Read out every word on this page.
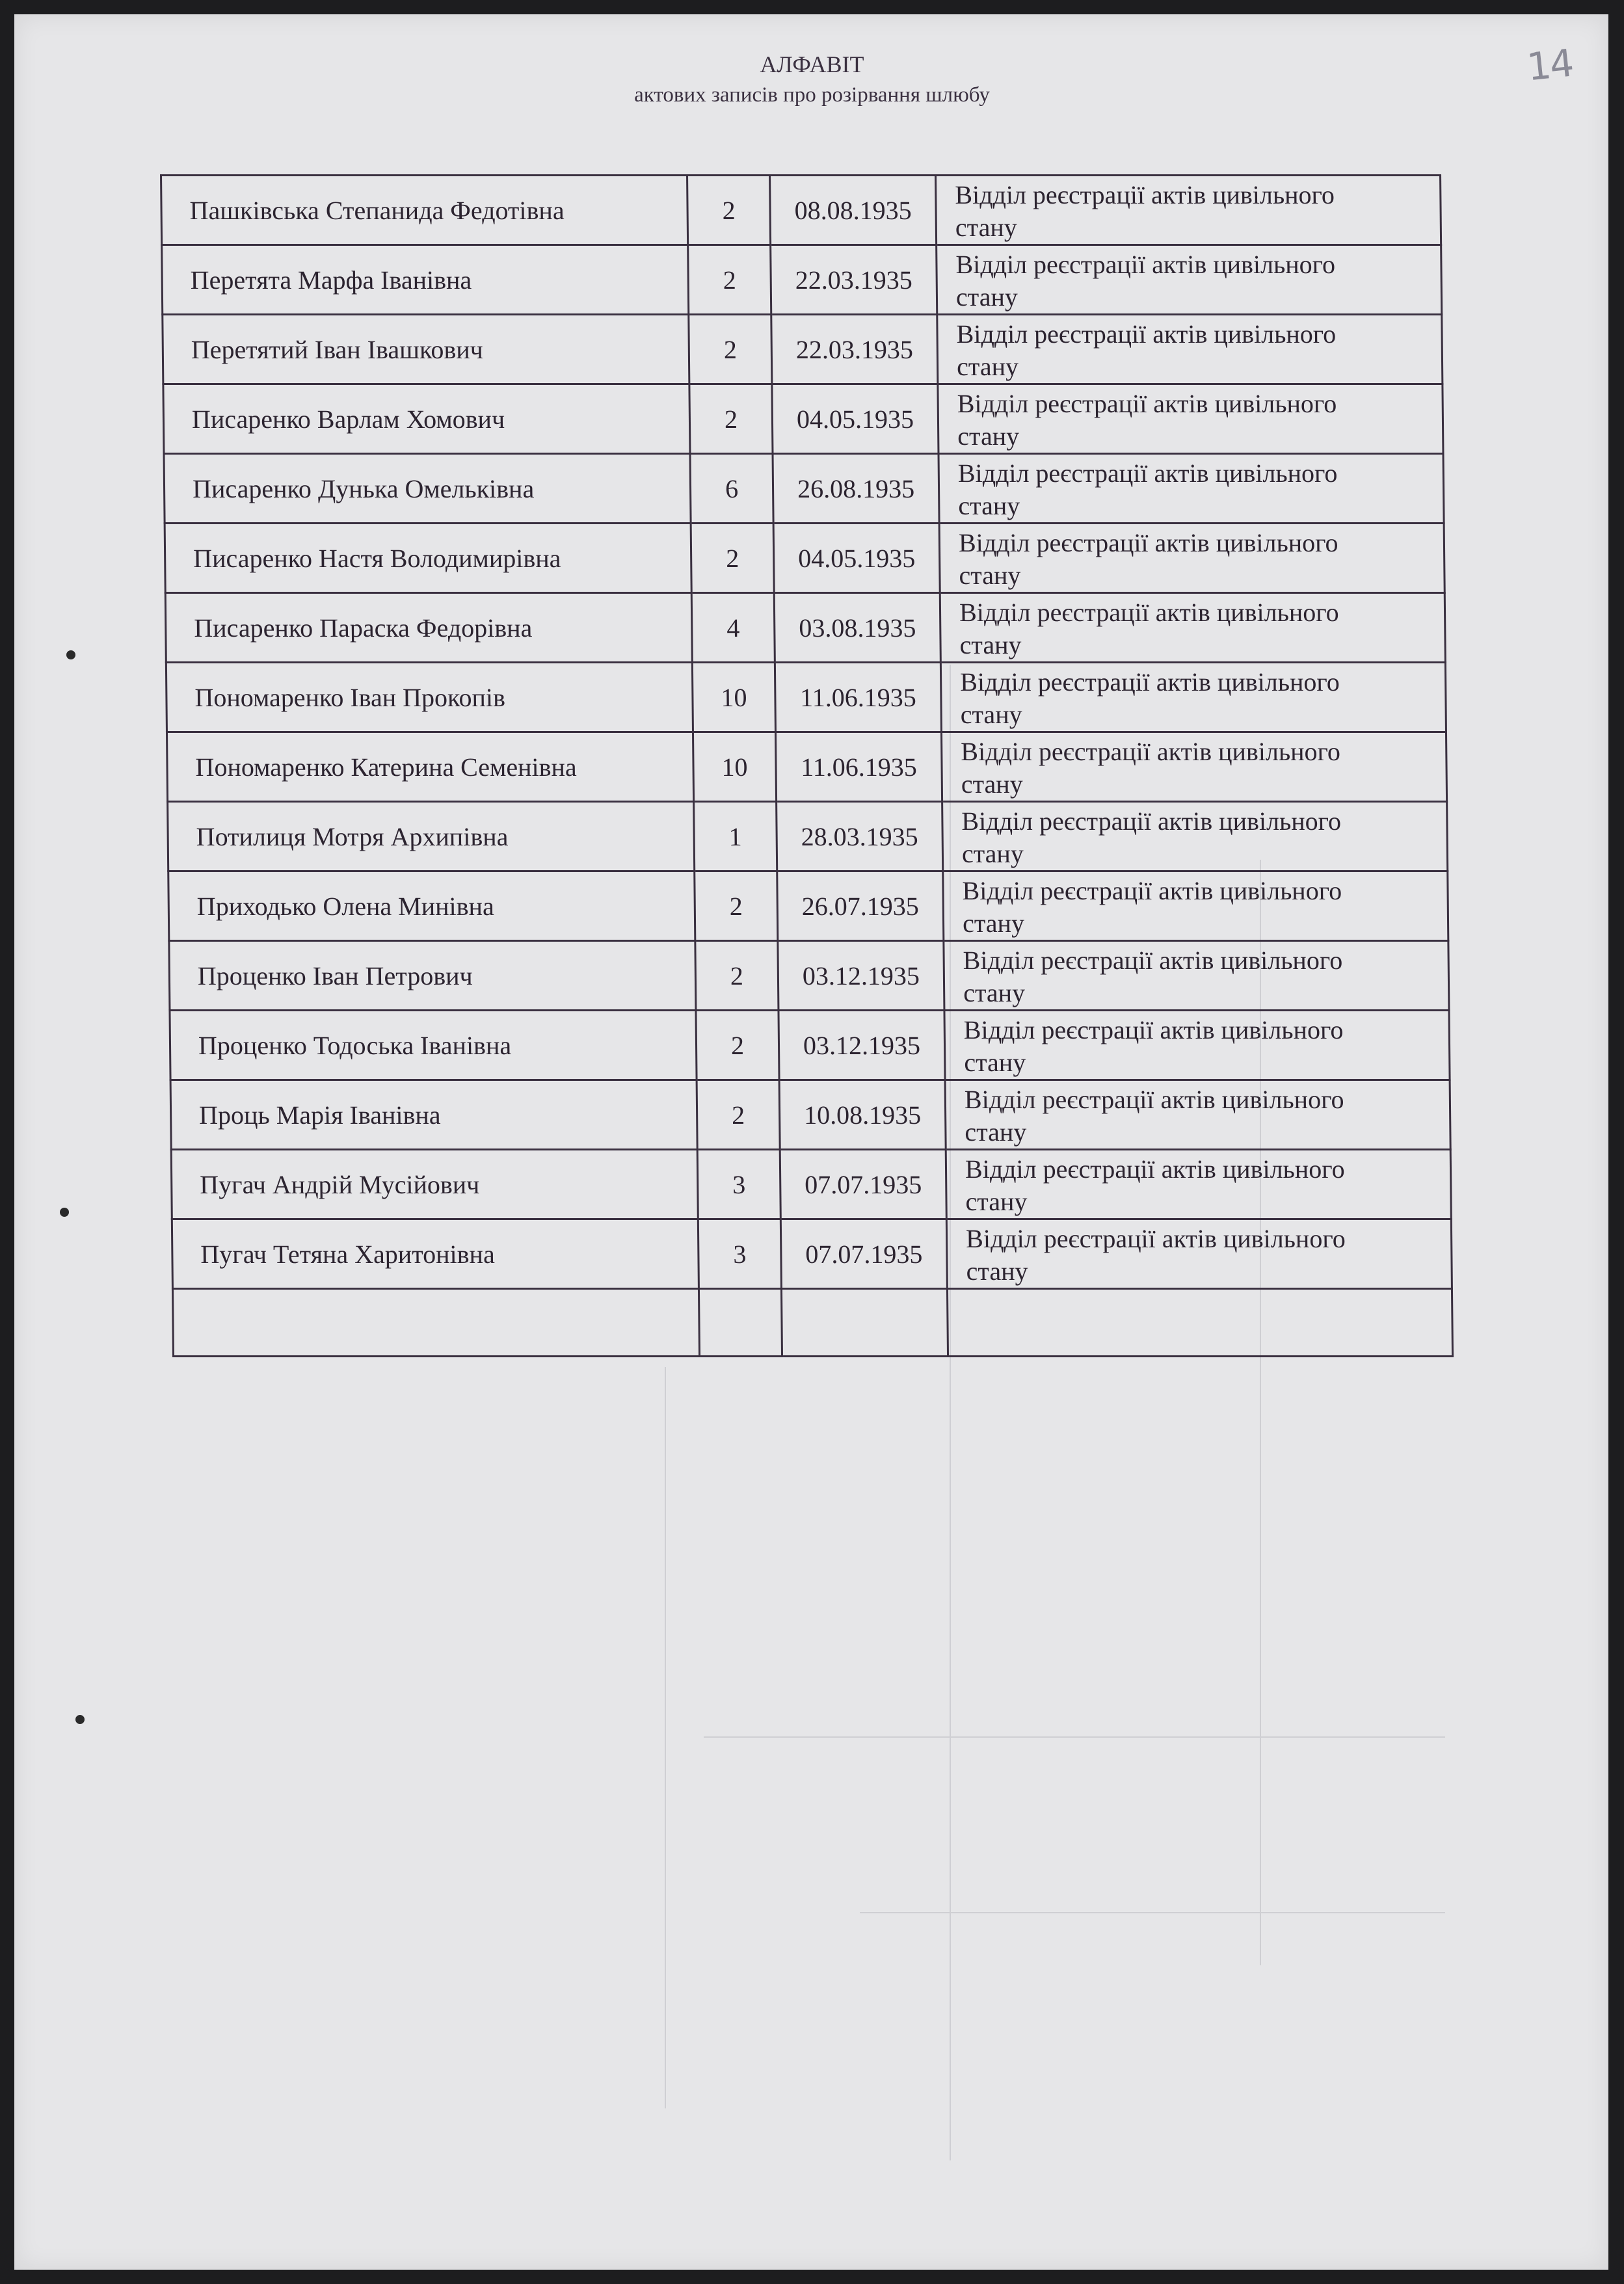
14
АЛФАВІТ
актових записів про розірвання шлюбу
Пашківська Степанида Федотівна	2	08.08.1935	Відділ реєстрації актів цивільного
стану

Перетята Марфа Іванівна	2	22.03.1935	Відділ реєстрації актів цивільного
стану

Перетятий Іван Івашкович	2	22.03.1935	Відділ реєстрації актів цивільного
стану

Писаренко Варлам Хомович	2	04.05.1935	Відділ реєстрації актів цивільного
стану

Писаренко Дунька Омельківна	6	26.08.1935	Відділ реєстрації актів цивільного
стану

Писаренко Настя Володимирівна	2	04.05.1935	Відділ реєстрації актів цивільного
стану

Писаренко Параска Федорівна	4	03.08.1935	Відділ реєстрації актів цивільного
стану

Пономаренко Іван Прокопів	10	11.06.1935	Відділ реєстрації актів цивільного
стану

Пономаренко Катерина Семенівна	10	11.06.1935	Відділ реєстрації актів цивільного
стану

Потилиця Мотря Архипівна	1	28.03.1935	Відділ реєстрації актів цивільного
стану

Приходько Олена Минівна	2	26.07.1935	Відділ реєстрації актів цивільного
стану

Проценко Іван Петрович	2	03.12.1935	Відділ реєстрації актів цивільного
стану

Проценко Тодоська Іванівна	2	03.12.1935	Відділ реєстрації актів цивільного
стану

Проць Марія Іванівна	2	10.08.1935	Відділ реєстрації актів цивільного
стану

Пугач Андрій Мусійович	3	07.07.1935	Відділ реєстрації актів цивільного
стану

Пугач Тетяна Харитонівна	3	07.07.1935	Відділ реєстрації актів цивільного
стану
